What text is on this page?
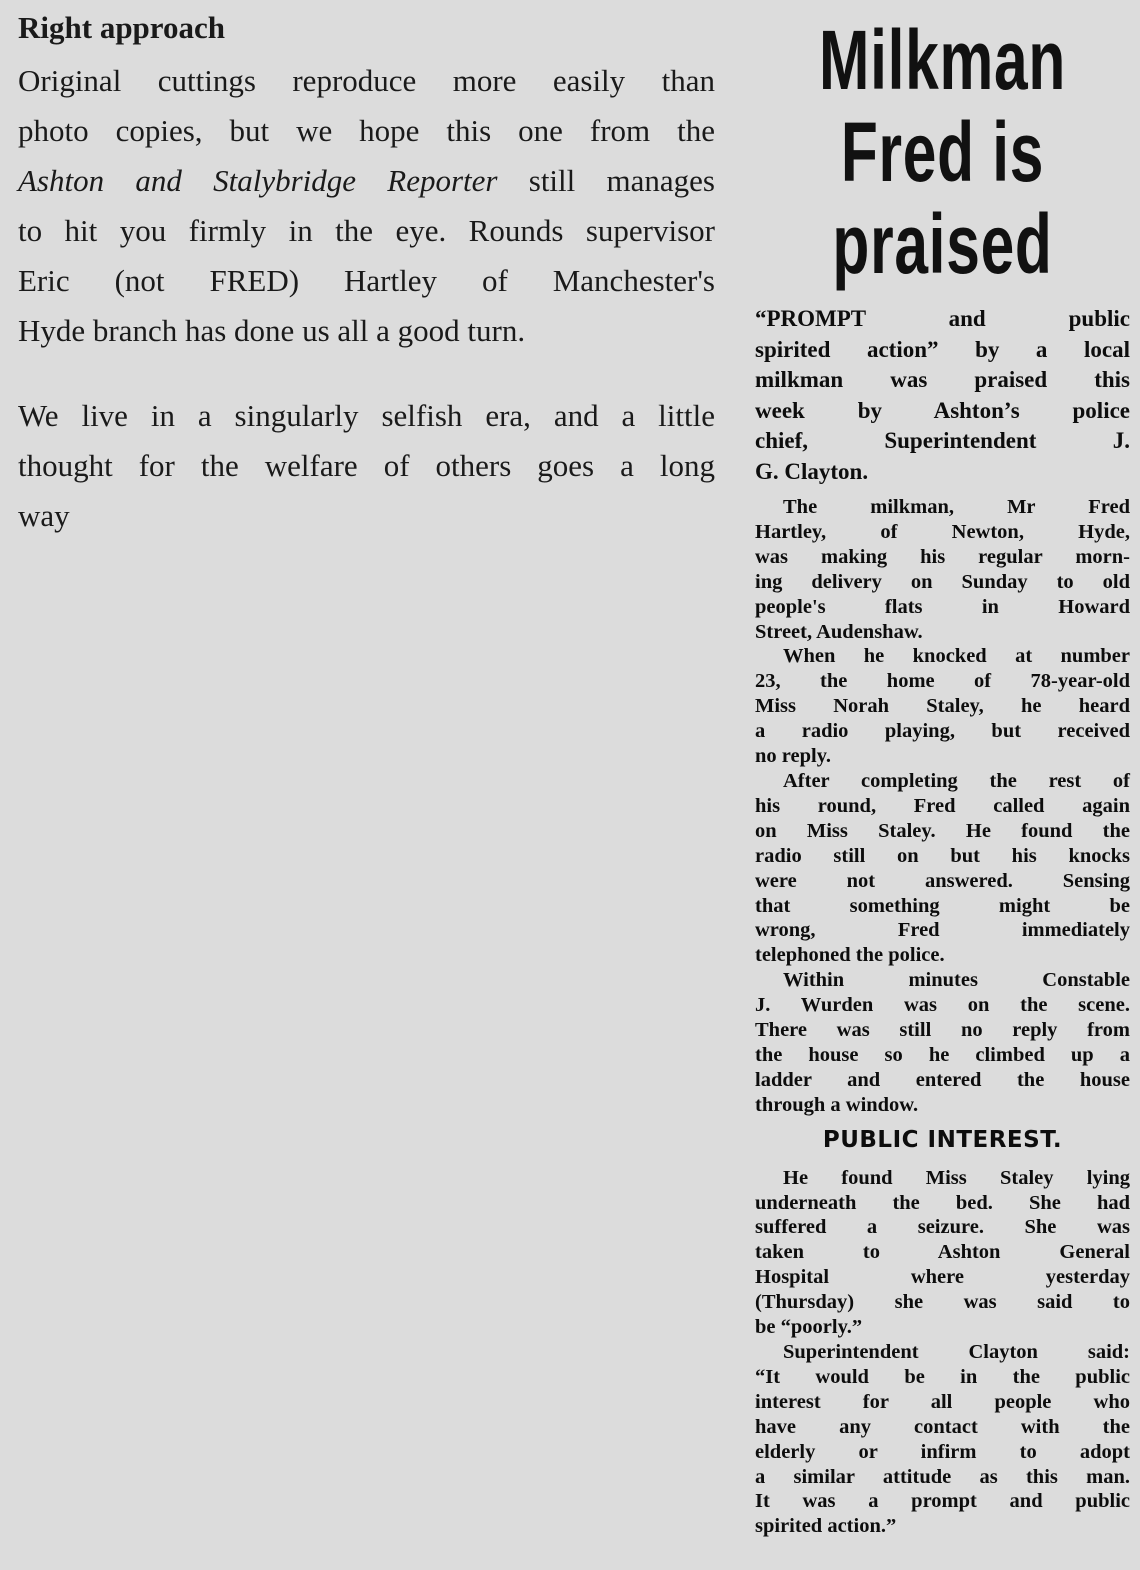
Right approach
Original cuttings reproduce more easily than
photo copies, but we hope this one from the
Ashton and Stalybridge Reporter still manages
to hit you firmly in the eye. Rounds supervisor
Eric (not FRED) Hartley of Manchester's
Hyde branch has done us all a good turn.
We live in a singularly selfish era, and a little
thought for the welfare of others goes a long
way
Milkman
Fred is
praised
“PROMPT and public
spirited action” by a local
milkman was praised this
week by Ashton’s police
chief, Superintendent J.
G. Clayton.
The milkman, Mr Fred
Hartley, of Newton, Hyde,
was making his regular morn-
ing delivery on Sunday to old
people's flats in Howard
Street, Audenshaw.
When he knocked at number
23, the home of 78-year-old
Miss Norah Staley, he heard
a radio playing, but received
no reply.
After completing the rest of
his round, Fred called again
on Miss Staley. He found the
radio still on but his knocks
were not answered. Sensing
that something might be
wrong, Fred immediately
telephoned the police.
Within minutes Constable
J. Wurden was on the scene.
There was still no reply from
the house so he climbed up a
ladder and entered the house
through a window.
PUBLIC INTEREST.
He found Miss Staley lying
underneath the bed. She had
suffered a seizure. She was
taken to Ashton General
Hospital where yesterday
(Thursday) she was said to
be “poorly.”
Superintendent Clayton said:
“It would be in the public
interest for all people who
have any contact with the
elderly or infirm to adopt
a similar attitude as this man.
It was a prompt and public
spirited action.”
